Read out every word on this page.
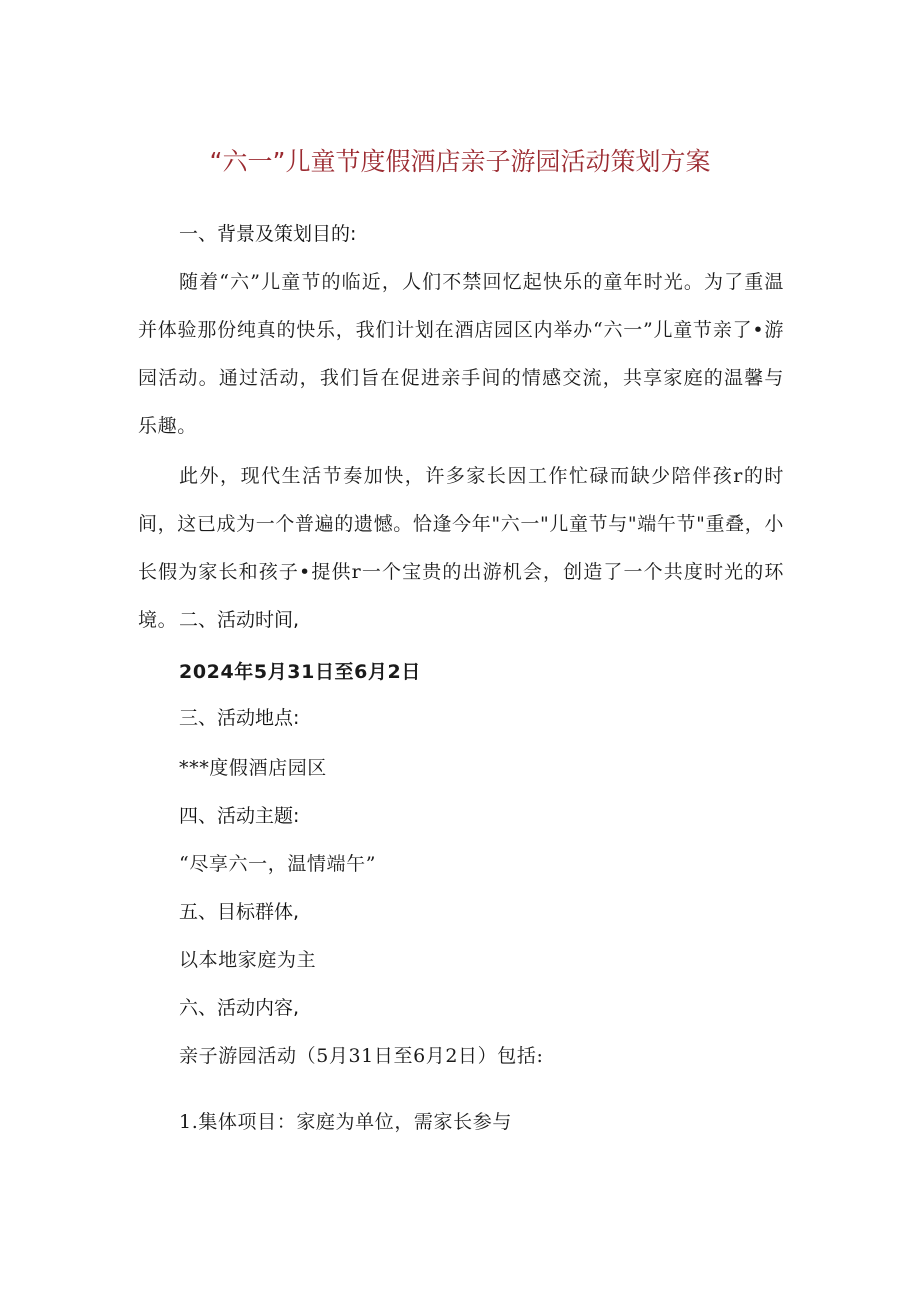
“六一”儿童节度假酒店亲子游园活动策划方案
一、背景及策划目的:

随着“六”儿童节的临近，人们不禁回忆起快乐的童年时光。为了重温并体验那份纯真的快乐，我们计划在酒店园区内举办“六一”儿童节亲了•游园活动。通过活动，我们旨在促进亲手间的情感交流，共享家庭的温馨与乐趣。

此外，现代生活节奏加快，许多家长因工作忙碌而缺少陪伴孩r的时间，这已成为一个普遍的遗憾。恰逢今年"六一"儿童节与"端午节"重叠，小长假为家长和孩子•提供r一个宝贵的出游机会，创造了一个共度时光的环境。 二、活动时间,
2024年5月31日至6月2日
三、活动地点:
***度假酒店园区
四、活动主题:
“尽享六一，温情端午”
五、目标群体,
以本地家庭为主
六、活动内容,
亲子游园活动（5月31日至6月2日）包括:
1.集体项目：家庭为单位，需家长参与
